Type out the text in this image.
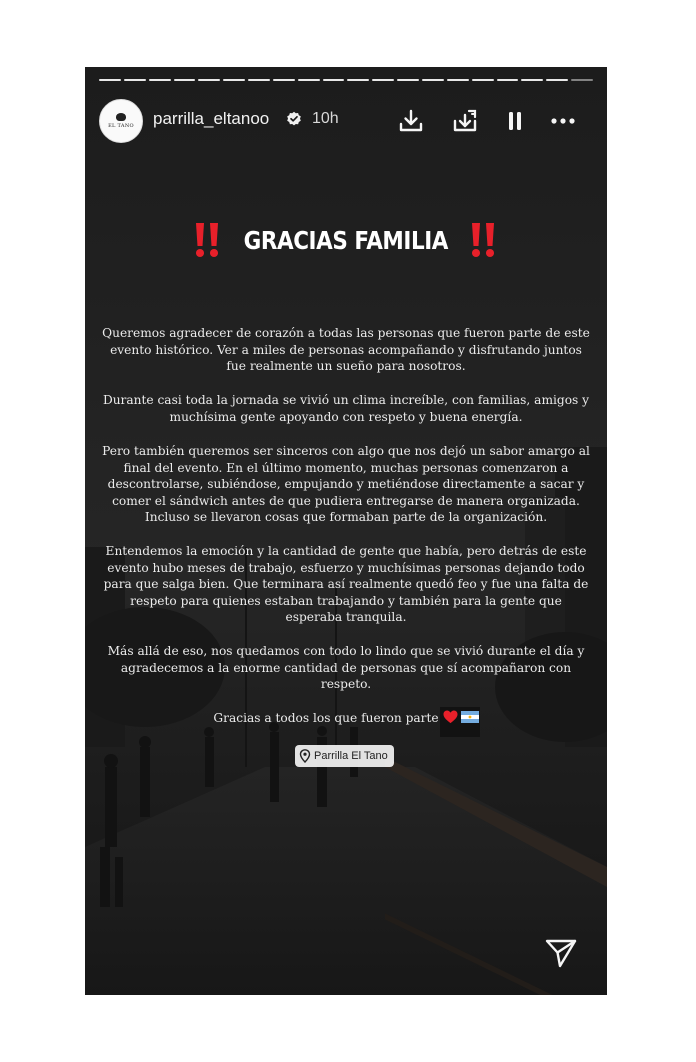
EL TANO parrilla_eltanoo	10h
GRACIAS FAMILIA
Queremos agradecer de corazón a todas las personas que fueron parte de este evento histórico. Ver a miles de personas acompañando y disfrutando juntos fue realmente un sueño para nosotros.
Durante casi toda la jornada se vivió un clima increíble, con familias, amigos y muchísima gente apoyando con respeto y buena energía.
Pero también queremos ser sinceros con algo que nos dejó un sabor amargo al final del evento. En el último momento, muchas personas comenzaron a descontrolarse, subiéndose, empujando y metiéndose directamente a sacar y comer el sándwich antes de que pudiera entregarse de manera organizada. Incluso se llevaron cosas que formaban parte de la organización.
Entendemos la emoción y la cantidad de gente que había, pero detrás de este evento hubo meses de trabajo, esfuerzo y muchísimas personas dejando todo para que salga bien. Que terminara así realmente quedó feo y fue una falta de respeto para quienes estaban trabajando y también para la gente que esperaba tranquila.
Más allá de eso, nos quedamos con todo lo lindo que se vivió durante el día y agradecemos a la enorme cantidad de personas que sí acompañaron con respeto.
Gracias a todos los que fueron parte
Parrilla El Tano
